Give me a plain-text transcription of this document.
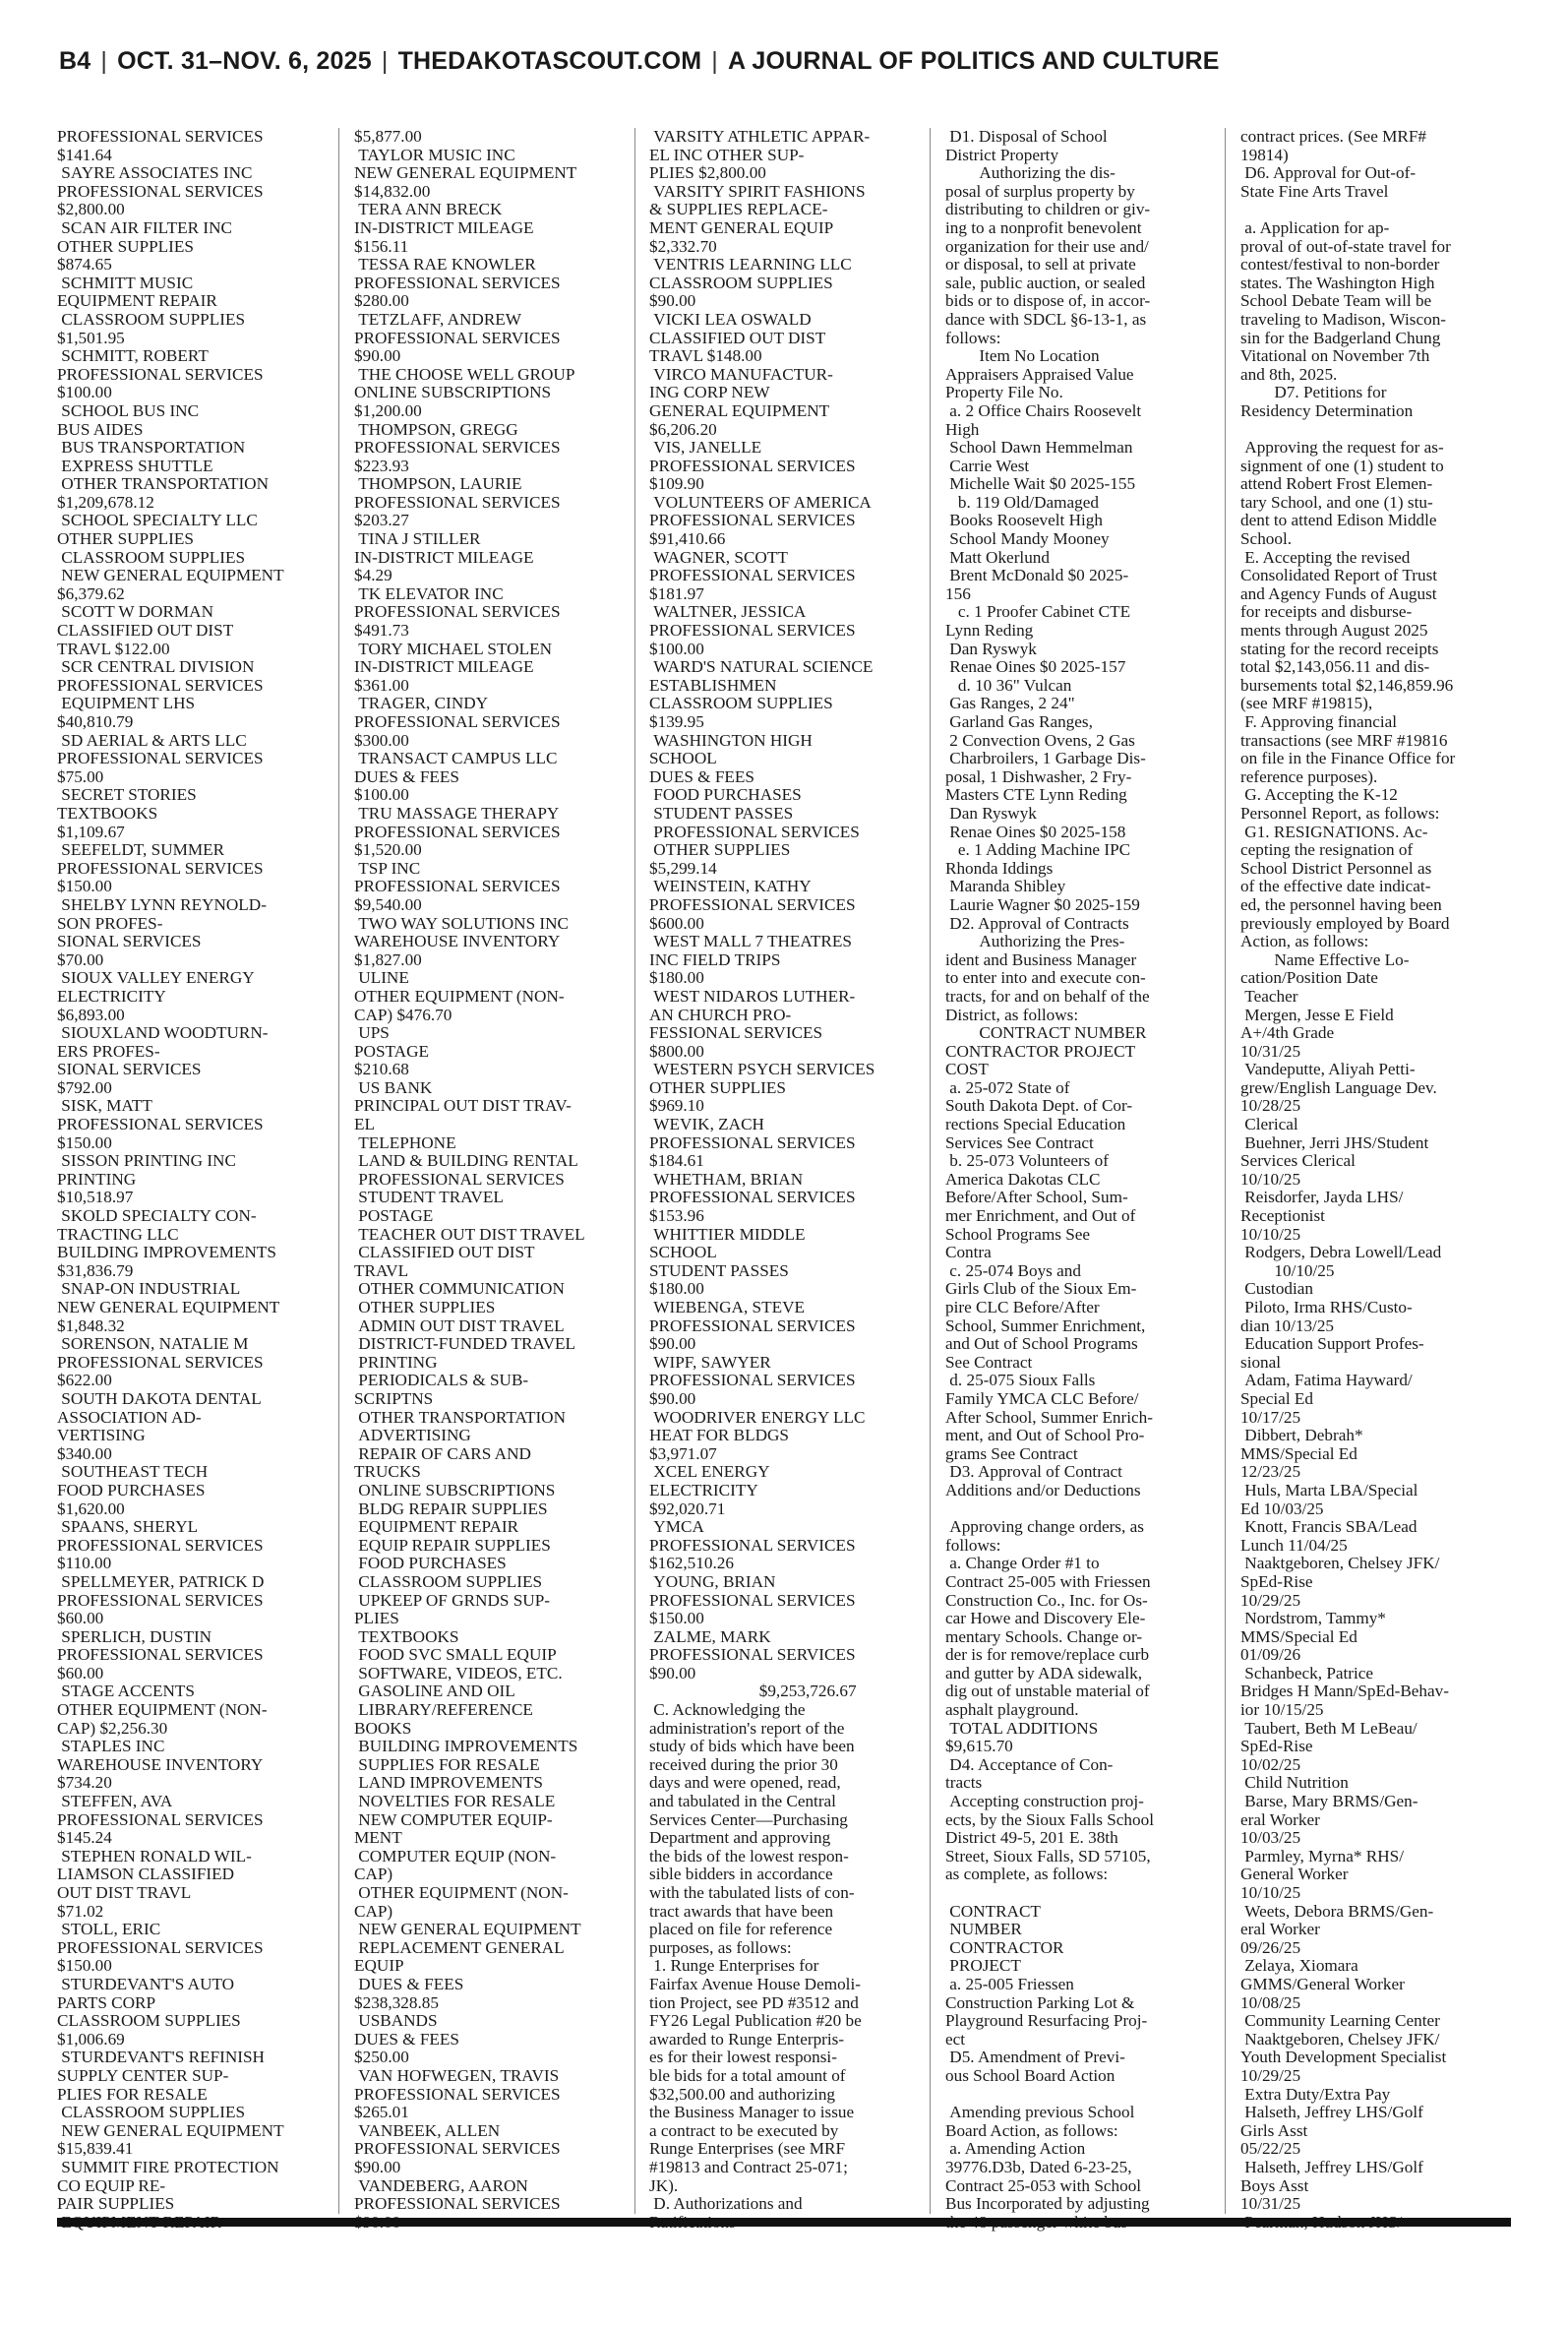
B4 | OCT. 31–NOV. 6, 2025 | THEDAKOTASCOUT.COM | A JOURNAL OF POLITICS AND CULTURE
PROFESSIONAL SERVICES
$141.64
SAYRE ASSOCIATES INC
PROFESSIONAL SERVICES
$2,800.00
SCAN AIR FILTER INC
OTHER SUPPLIES
$874.65
SCHMITT MUSIC
EQUIPMENT REPAIR
CLASSROOM SUPPLIES
$1,501.95
SCHMITT, ROBERT
PROFESSIONAL SERVICES
$100.00
SCHOOL BUS INC
BUS AIDES
BUS TRANSPORTATION
EXPRESS SHUTTLE
OTHER TRANSPORTATION
$1,209,678.12
SCHOOL SPECIALTY LLC
OTHER SUPPLIES
CLASSROOM SUPPLIES
NEW GENERAL EQUIPMENT
$6,379.62
SCOTT W DORMAN
CLASSIFIED OUT DIST
TRAVL $122.00
SCR CENTRAL DIVISION
PROFESSIONAL SERVICES
EQUIPMENT LHS
$40,810.79
SD AERIAL & ARTS LLC
PROFESSIONAL SERVICES
$75.00
SECRET STORIES
TEXTBOOKS
$1,109.67
SEEFELDT, SUMMER
PROFESSIONAL SERVICES
$150.00
SHELBY LYNN REYNOLD-
SON PROFES-
SIONAL SERVICES
$70.00
SIOUX VALLEY ENERGY
ELECTRICITY
$6,893.00
SIOUXLAND WOODTURN-
ERS PROFES-
SIONAL SERVICES
$792.00
SISK, MATT
PROFESSIONAL SERVICES
$150.00
SISSON PRINTING INC
PRINTING
$10,518.97
SKOLD SPECIALTY CON-
TRACTING LLC
BUILDING IMPROVEMENTS
$31,836.79
SNAP-ON INDUSTRIAL
NEW GENERAL EQUIPMENT
$1,848.32
SORENSON, NATALIE M
PROFESSIONAL SERVICES
$622.00
SOUTH DAKOTA DENTAL
ASSOCIATION AD-
VERTISING
$340.00
SOUTHEAST TECH
FOOD PURCHASES
$1,620.00
SPAANS, SHERYL
PROFESSIONAL SERVICES
$110.00
SPELLMEYER, PATRICK D
PROFESSIONAL SERVICES
$60.00
SPERLICH, DUSTIN
PROFESSIONAL SERVICES
$60.00
STAGE ACCENTS
OTHER EQUIPMENT (NON-
CAP) $2,256.30
STAPLES INC
WAREHOUSE INVENTORY
$734.20
STEFFEN, AVA
PROFESSIONAL SERVICES
$145.24
STEPHEN RONALD WIL-
LIAMSON CLASSIFIED
OUT DIST TRAVL
$71.02
STOLL, ERIC
PROFESSIONAL SERVICES
$150.00
STURDEVANT'S AUTO
PARTS CORP
CLASSROOM SUPPLIES
$1,006.69
STURDEVANT'S REFINISH
SUPPLY CENTER SUP-
PLIES FOR RESALE
CLASSROOM SUPPLIES
NEW GENERAL EQUIPMENT
$15,839.41
SUMMIT FIRE PROTECTION
CO EQUIP RE-
PAIR SUPPLIES
$5,877.00
TAYLOR MUSIC INC
NEW GENERAL EQUIPMENT
$14,832.00
TERA ANN BRECK
IN-DISTRICT MILEAGE
$156.11
TESSA RAE KNOWLER
PROFESSIONAL SERVICES
$280.00
TETZLAFF, ANDREW
PROFESSIONAL SERVICES
$90.00
THE CHOOSE WELL GROUP
ONLINE SUBSCRIPTIONS
$1,200.00
THOMPSON, GREGG
PROFESSIONAL SERVICES
$223.93
THOMPSON, LAURIE
PROFESSIONAL SERVICES
$203.27
TINA J STILLER
IN-DISTRICT MILEAGE
$4.29
TK ELEVATOR INC
PROFESSIONAL SERVICES
$491.73
TORY MICHAEL STOLEN
IN-DISTRICT MILEAGE
$361.00
TRAGER, CINDY
PROFESSIONAL SERVICES
$300.00
TRANSACT CAMPUS LLC
DUES & FEES
$100.00
TRU MASSAGE THERAPY
PROFESSIONAL SERVICES
$1,520.00
TSP INC
PROFESSIONAL SERVICES
$9,540.00
TWO WAY SOLUTIONS INC
WAREHOUSE INVENTORY
$1,827.00
ULINE
OTHER EQUIPMENT (NON-
CAP) $476.70
UPS
POSTAGE
$210.68
US BANK
PRINCIPAL OUT DIST TRAV-
EL
TELEPHONE
LAND & BUILDING RENTAL
PROFESSIONAL SERVICES
STUDENT TRAVEL
POSTAGE
TEACHER OUT DIST TRAVEL
CLASSIFIED OUT DIST
TRAVL
OTHER COMMUNICATION
OTHER SUPPLIES
ADMIN OUT DIST TRAVEL
DISTRICT-FUNDED TRAVEL
PRINTING
PERIODICALS & SUB-
SCRIPTNS
OTHER TRANSPORTATION
ADVERTISING
REPAIR OF CARS AND
TRUCKS
ONLINE SUBSCRIPTIONS
BLDG REPAIR SUPPLIES
EQUIPMENT REPAIR
EQUIP REPAIR SUPPLIES
FOOD PURCHASES
CLASSROOM SUPPLIES
UPKEEP OF GRNDS SUP-
PLIES
TEXTBOOKS
FOOD SVC SMALL EQUIP
SOFTWARE, VIDEOS, ETC.
GASOLINE AND OIL
LIBRARY/REFERENCE
BOOKS
BUILDING IMPROVEMENTS
SUPPLIES FOR RESALE
LAND IMPROVEMENTS
NOVELTIES FOR RESALE
NEW COMPUTER EQUIP-
MENT
COMPUTER EQUIP (NON-
CAP)
OTHER EQUIPMENT (NON-
CAP)
NEW GENERAL EQUIPMENT
REPLACEMENT GENERAL
EQUIP
DUES & FEES
$238,328.85
USBANDS
DUES & FEES
$250.00
VAN HOFWEGEN, TRAVIS
PROFESSIONAL SERVICES
$265.01
VANBEEK, ALLEN
PROFESSIONAL SERVICES
$90.00
VANDEBERG, AARON
PROFESSIONAL SERVICES
VARSITY ATHLETIC APPAR-
EL INC OTHER SUP-
PLIES $2,800.00
VARSITY SPIRIT FASHIONS
& SUPPLIES REPLACE-
MENT GENERAL EQUIP
$2,332.70
VENTRIS LEARNING LLC
CLASSROOM SUPPLIES
$90.00
VICKI LEA OSWALD
CLASSIFIED OUT DIST
TRAVL $148.00
VIRCO MANUFACTUR-
ING CORP NEW
GENERAL EQUIPMENT
$6,206.20
VIS, JANELLE
PROFESSIONAL SERVICES
$109.90
VOLUNTEERS OF AMERICA
PROFESSIONAL SERVICES
$91,410.66
WAGNER, SCOTT
PROFESSIONAL SERVICES
$181.97
WALTNER, JESSICA
PROFESSIONAL SERVICES
$100.00
WARD'S NATURAL SCIENCE
ESTABLISHMEN
CLASSROOM SUPPLIES
$139.95
WASHINGTON HIGH
SCHOOL
DUES & FEES
FOOD PURCHASES
STUDENT PASSES
PROFESSIONAL SERVICES
OTHER SUPPLIES
$5,299.14
WEINSTEIN, KATHY
PROFESSIONAL SERVICES
$600.00
WEST MALL 7 THEATRES
INC FIELD TRIPS
$180.00
WEST NIDAROS LUTHER-
AN CHURCH PRO-
FESSIONAL SERVICES
$800.00
WESTERN PSYCH SERVICES
OTHER SUPPLIES
$969.10
WEVIK, ZACH
PROFESSIONAL SERVICES
$184.61
WHETHAM, BRIAN
PROFESSIONAL SERVICES
$153.96
WHITTIER MIDDLE
SCHOOL
STUDENT PASSES
$180.00
WIEBENGA, STEVE
PROFESSIONAL SERVICES
$90.00
WIPF, SAWYER
PROFESSIONAL SERVICES
$90.00
WOODRIVER ENERGY LLC
HEAT FOR BLDGS
$3,971.07
XCEL ENERGY
ELECTRICITY
$92,020.71
YMCA
PROFESSIONAL SERVICES
$162,510.26
YOUNG, BRIAN
PROFESSIONAL SERVICES
$150.00
ZALME, MARK
PROFESSIONAL SERVICES
$90.00
$9,253,726.67
C. Acknowledging the
administration's report of the
study of bids which have been
received during the prior 30
days and were opened, read,
and tabulated in the Central
Services Center—Purchasing
Department and approving
the bids of the lowest respon-
sible bidders in accordance
with the tabulated lists of con-
tract awards that have been
placed on file for reference
purposes, as follows:
1. Runge Enterprises for
Fairfax Avenue House Demoli-
tion Project, see PD #3512 and
FY26 Legal Publication #20 be
awarded to Runge Enterpris-
es for their lowest responsi-
ble bids for a total amount of
$32,500.00 and authorizing
the Business Manager to issue
a contract to be executed by
Runge Enterprises (see MRF
#19813 and Contract 25-071;
JK).
D. Authorizations and
D1. Disposal of School
District Property
Authorizing the dis-
posal of surplus property by
distributing to children or giv-
ing to a nonprofit benevolent
organization for their use and/
or disposal, to sell at private
sale, public auction, or sealed
bids or to dispose of, in accor-
dance with SDCL §6-13-1, as
follows:
Item No Location
Appraisers Appraised Value
Property File No.
a. 2 Office Chairs Roosevelt
High
School Dawn Hemmelman
Carrie West
Michelle Wait $0 2025-155
b. 119 Old/Damaged
Books Roosevelt High
School Mandy Mooney
Matt Okerlund
Brent McDonald $0 2025-
156
c. 1 Proofer Cabinet CTE
Lynn Reding
Dan Ryswyk
Renae Oines $0 2025-157
d. 10 36" Vulcan
Gas Ranges, 2 24"
Garland Gas Ranges,
2 Convection Ovens, 2 Gas
Charbroilers, 1 Garbage Dis-
posal, 1 Dishwasher, 2 Fry-
Masters CTE Lynn Reding
Dan Ryswyk
Renae Oines $0 2025-158
e. 1 Adding Machine IPC
Rhonda Iddings
Maranda Shibley
Laurie Wagner $0 2025-159
D2. Approval of Contracts
Authorizing the Pres-
ident and Business Manager
to enter into and execute con-
tracts, for and on behalf of the
District, as follows:
CONTRACT NUMBER
CONTRACTOR PROJECT
COST
a. 25-072 State of
South Dakota Dept. of Cor-
rections Special Education
Services See Contract
b. 25-073 Volunteers of
America Dakotas CLC
Before/After School, Sum-
mer Enrichment, and Out of
School Programs See
Contra
c. 25-074 Boys and
Girls Club of the Sioux Em-
pire CLC Before/After
School, Summer Enrichment,
and Out of School Programs
See Contract
d. 25-075 Sioux Falls
Family YMCA CLC Before/
After School, Summer Enrich-
ment, and Out of School Pro-
grams See Contract
D3. Approval of Contract
Additions and/or Deductions

Approving change orders, as
follows:
a. Change Order #1 to
Contract 25-005 with Friessen
Construction Co., Inc. for Os-
car Howe and Discovery Ele-
mentary Schools. Change or-
der is for remove/replace curb
and gutter by ADA sidewalk,
dig out of unstable material of
asphalt playground.
TOTAL ADDITIONS
$9,615.70
D4. Acceptance of Con-
tracts
Accepting construction proj-
ects, by the Sioux Falls School
District 49-5, 201 E. 38th
Street, Sioux Falls, SD 57105,
as complete, as follows:

CONTRACT
NUMBER
CONTRACTOR
PROJECT
a. 25-005 Friessen
Construction Parking Lot &
Playground Resurfacing Proj-
ect
D5. Amendment of Previ-
ous School Board Action

Amending previous School
Board Action, as follows:
a. Amending Action
39776.D3b, Dated 6-23-25,
Contract 25-053 with School
Bus Incorporated by adjusting
contract prices. (See MRF#
19814)
D6. Approval for Out-of-
State Fine Arts Travel

a. Application for ap-
proval of out-of-state travel for
contest/festival to non-border
states. The Washington High
School Debate Team will be
traveling to Madison, Wiscon-
sin for the Badgerland Chung
Vitational on November 7th
and 8th, 2025.
D7. Petitions for
Residency Determination

Approving the request for as-
signment of one (1) student to
attend Robert Frost Elemen-
tary School, and one (1) stu-
dent to attend Edison Middle
School.
E. Accepting the revised
Consolidated Report of Trust
and Agency Funds of August
for receipts and disburse-
ments through August 2025
stating for the record receipts
total $2,143,056.11 and dis-
bursements total $2,146,859.96
(see MRF #19815),
F. Approving financial
transactions (see MRF #19816
on file in the Finance Office for
reference purposes).
G. Accepting the K-12
Personnel Report, as follows:
G1. RESIGNATIONS. Ac-
cepting the resignation of
School District Personnel as
of the effective date indicat-
ed, the personnel having been
previously employed by Board
Action, as follows:
Name Effective Lo-
cation/Position Date
Teacher
Mergen, Jesse E Field
A+/4th Grade
10/31/25
Vandeputte, Aliyah Petti-
grew/English Language Dev.
10/28/25
Clerical
Buehner, Jerri JHS/Student
Services Clerical
10/10/25
Reisdorfer, Jayda LHS/
Receptionist
10/10/25
Rodgers, Debra Lowell/Lead
10/10/25
Custodian
Piloto, Irma RHS/Custo-
dian 10/13/25
Education Support Profes-
sional
Adam, Fatima Hayward/
Special Ed
10/17/25
Dibbert, Debrah*
MMS/Special Ed
12/23/25
Huls, Marta LBA/Special
Ed 10/03/25
Knott, Francis SBA/Lead
Lunch 11/04/25
Naaktgeboren, Chelsey JFK/
SpEd-Rise
10/29/25
Nordstrom, Tammy*
MMS/Special Ed
01/09/26
Schanbeck, Patrice
Bridges H Mann/SpEd-Behav-
ior 10/15/25
Taubert, Beth M LeBeau/
SpEd-Rise
10/02/25
Child Nutrition
Barse, Mary BRMS/Gen-
eral Worker
10/03/25
Parmley, Myrna* RHS/
General Worker
10/10/25
Weets, Debora BRMS/Gen-
eral Worker
09/26/25
Zelaya, Xiomara
GMMS/General Worker
10/08/25
Community Learning Center
Naaktgeboren, Chelsey JFK/
Youth Development Specialist
10/29/25
Extra Duty/Extra Pay
Halseth, Jeffrey LHS/Golf
Girls Asst
05/22/25
Halseth, Jeffrey LHS/Golf
Boys Asst
10/31/25
